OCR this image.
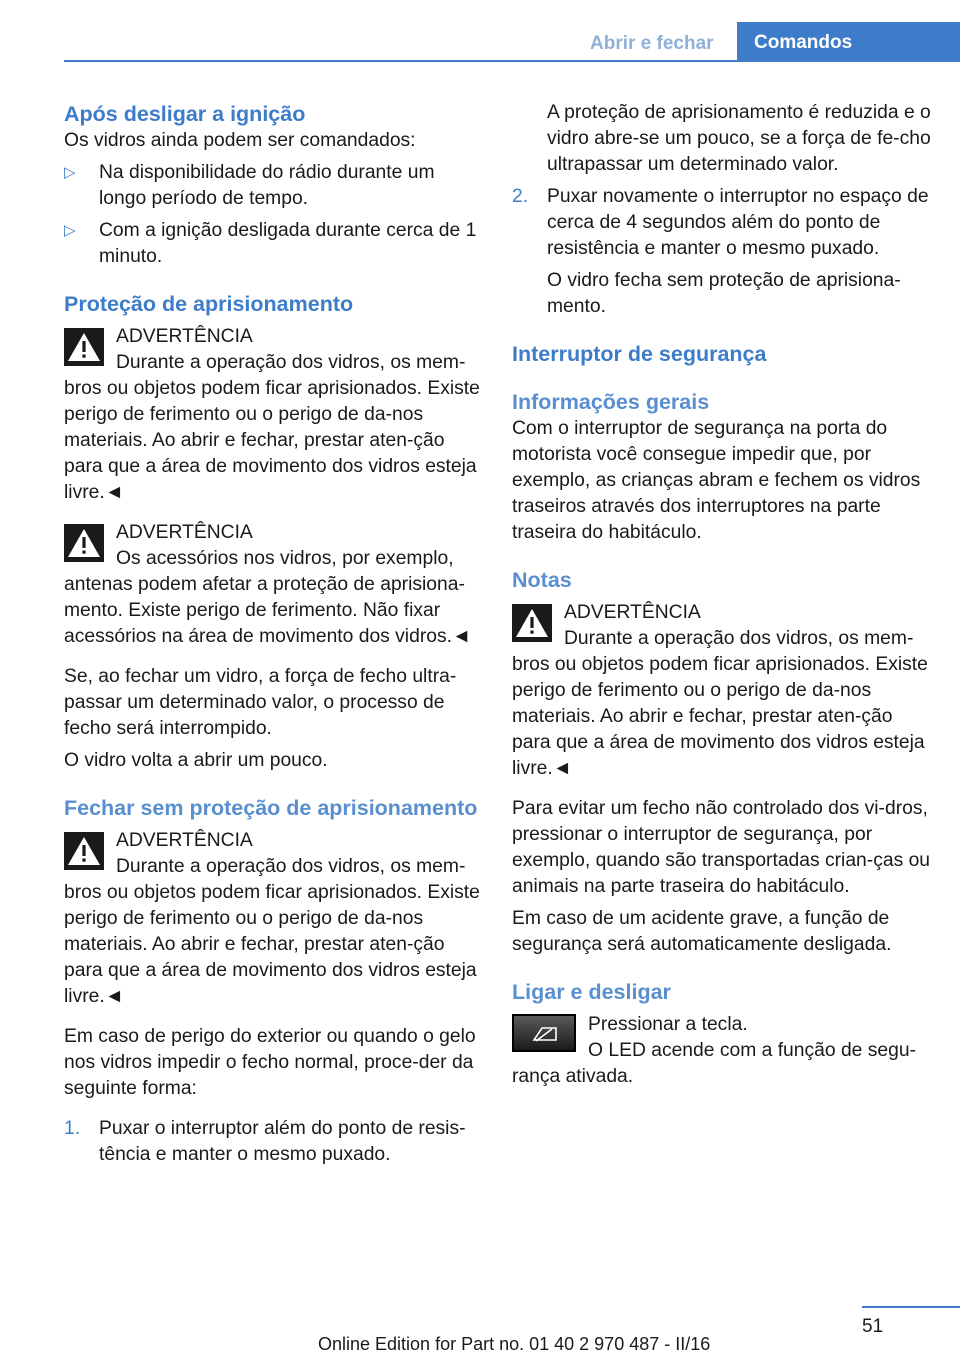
Abrir e fechar	Comandos
Após desligar a ignição

Os vidros ainda podem ser comandados:

▷ Na disponibilidade do rádio durante um longo período de tempo.
▷ Com a ignição desligada durante cerca de 1 minuto.
Proteção de aprisionamento
ADVERTÊNCIA
Durante a operação dos vidros, os mem-bros ou objetos podem ficar aprisionados. Existe perigo de ferimento ou o perigo de da-nos materiais. Ao abrir e fechar, prestar aten-ção para que a área de movimento dos vidros esteja livre.◄
ADVERTÊNCIA
Os acessórios nos vidros, por exemplo, antenas podem afetar a proteção de aprisiona-mento. Existe perigo de ferimento. Não fixar acessórios na área de movimento dos vidros.◄

Se, ao fechar um vidro, a força de fecho ultra-passar um determinado valor, o processo de fecho será interrompido.

O vidro volta a abrir um pouco.

Fechar sem proteção de aprisionamento
ADVERTÊNCIA
Durante a operação dos vidros, os mem-bros ou objetos podem ficar aprisionados. Existe perigo de ferimento ou o perigo de da-nos materiais. Ao abrir e fechar, prestar aten-ção para que a área de movimento dos vidros esteja livre.◄

Em caso de perigo do exterior ou quando o gelo nos vidros impedir o fecho normal, proce-der da seguinte forma:

1. Puxar o interruptor além do ponto de resis-tência e manter o mesmo puxado.

A proteção de aprisionamento é reduzida e o vidro abre-se um pouco, se a força de fe-cho ultrapassar um determinado valor.

2. Puxar novamente o interruptor no espaço de cerca de 4 segundos além do ponto de resistência e manter o mesmo puxado.

O vidro fecha sem proteção de aprisiona-mento.

Interruptor de segurança
Informações gerais

Com o interruptor de segurança na porta do motorista você consegue impedir que, por exemplo, as crianças abram e fechem os vidros traseiros através dos interruptores na parte traseira do habitáculo.

Notas
ADVERTÊNCIA
Durante a operação dos vidros, os mem-bros ou objetos podem ficar aprisionados. Existe perigo de ferimento ou o perigo de da-nos materiais. Ao abrir e fechar, prestar aten-ção para que a área de movimento dos vidros esteja livre.◄

Para evitar um fecho não controlado dos vi-dros, pressionar o interruptor de segurança, por exemplo, quando são transportadas crian-ças ou animais na parte traseira do habitáculo.

Em caso de um acidente grave, a função de segurança será automaticamente desligada.

Ligar e desligar
Pressionar a tecla.
O LED acende com a função de segu-rança ativada.
51
Online Edition for Part no. 01 40 2 970 487 - II/16
